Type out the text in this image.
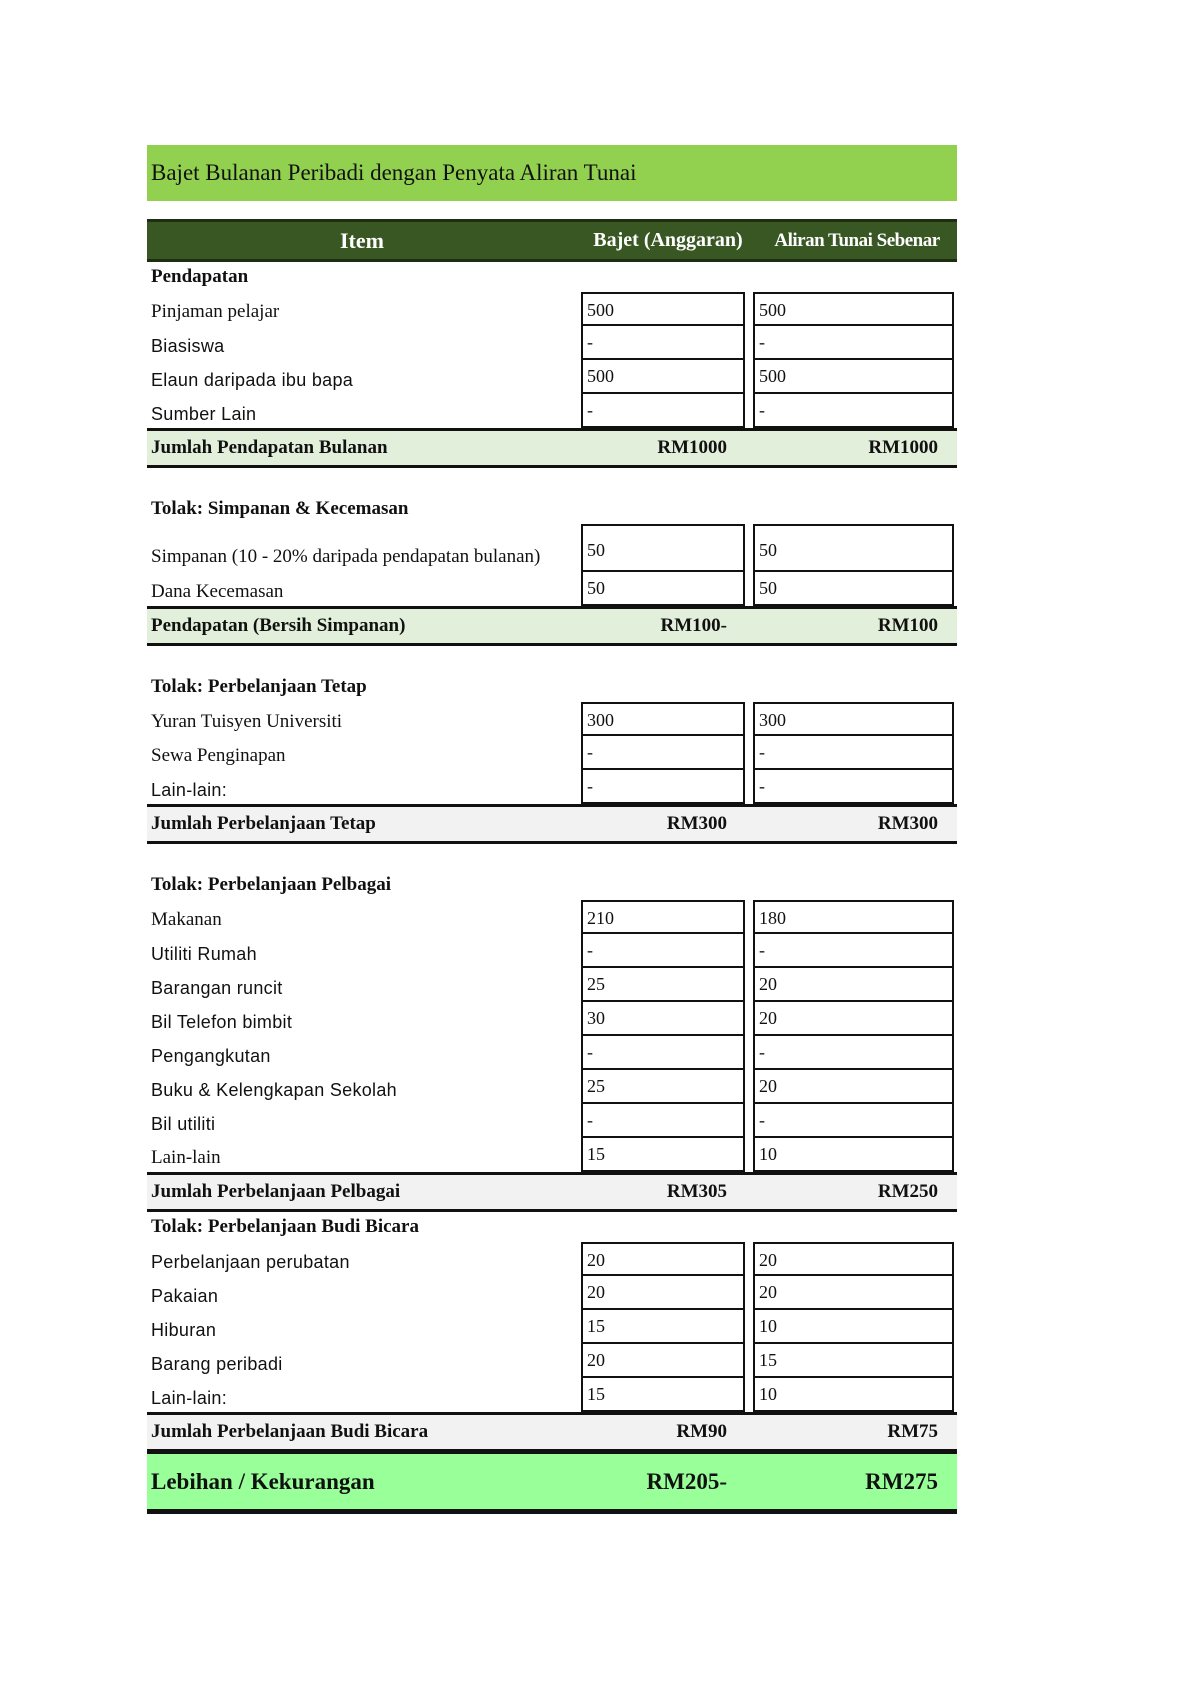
Bajet Bulanan Peribadi dengan Penyata Aliran Tunai
Item	Bajet (Anggaran)	Aliran Tunai Sebenar
Pendapatan
Pinjaman pelajar	500	500
Biasiswa	-	-
Elaun daripada ibu bapa	500	500
Sumber Lain	-	-
Jumlah Pendapatan Bulanan	RM1000	RM1000
Tolak: Simpanan & Kecemasan
Simpanan (10 - 20% daripada pendapatan bulanan)	50	50
Dana Kecemasan	50	50
Pendapatan (Bersih Simpanan)	RM100-	RM100
Tolak: Perbelanjaan Tetap
Yuran Tuisyen Universiti	300	300
Sewa Penginapan	-	-
Lain-lain:	-	-
Jumlah Perbelanjaan Tetap	RM300	RM300
Tolak: Perbelanjaan Pelbagai
Makanan	210	180
Utiliti Rumah	-	-
Barangan runcit	25	20
Bil Telefon bimbit	30	20
Pengangkutan	-	-
Buku & Kelengkapan Sekolah	25	20
Bil utiliti	-	-
Lain-lain	15	10
Jumlah Perbelanjaan Pelbagai	RM305	RM250
Tolak: Perbelanjaan Budi Bicara
Perbelanjaan perubatan	20	20
Pakaian	20	20
Hiburan	15	10
Barang peribadi	20	15
Lain-lain:	15	10
Jumlah Perbelanjaan Budi Bicara	RM90	RM75
Lebihan / Kekurangan	RM205-	RM275
